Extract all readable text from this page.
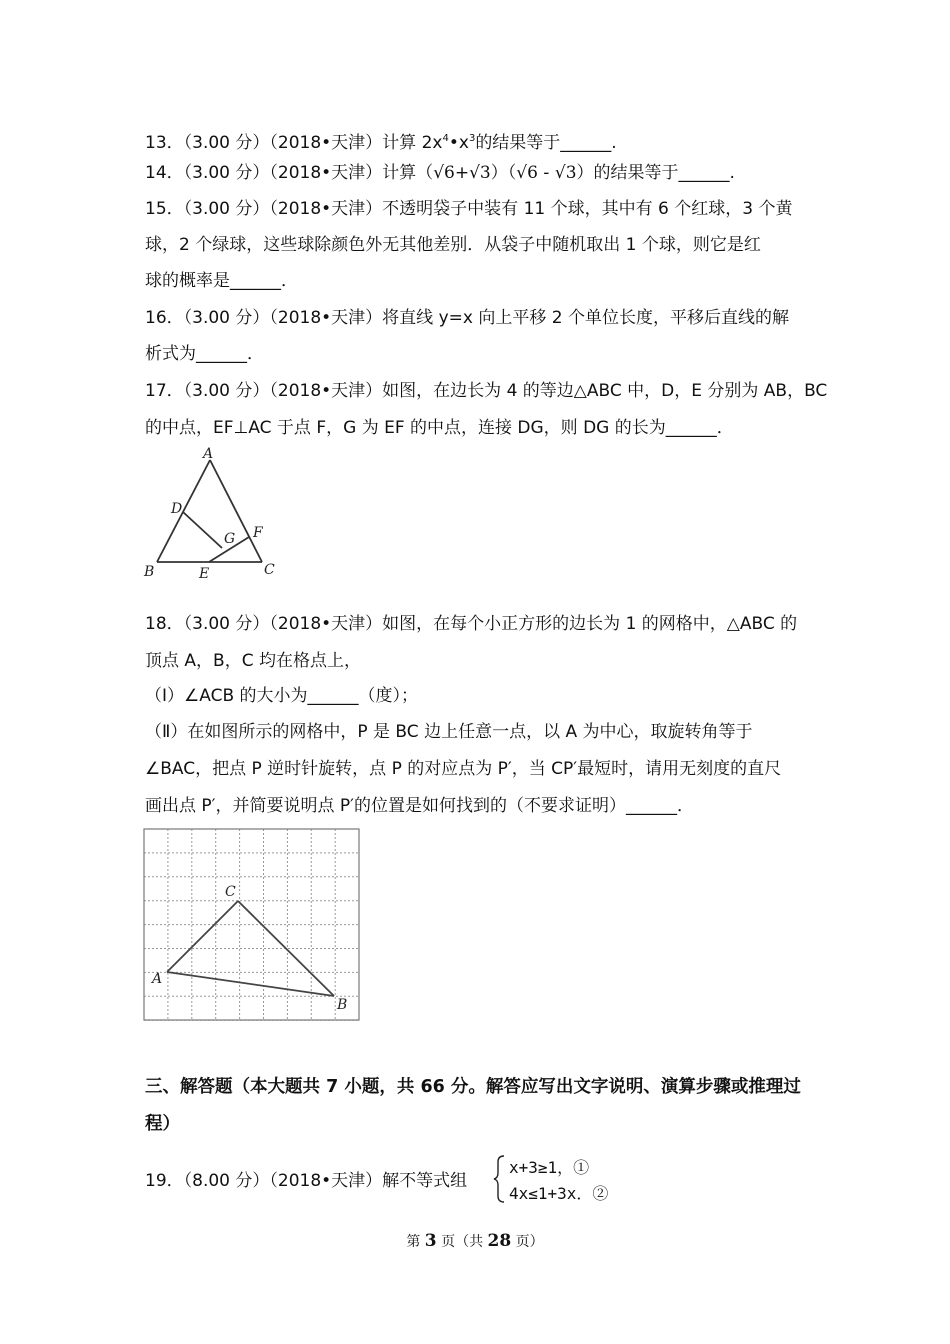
13．（3.00 分）（2018•天津）计算 $2x^4•x^3$的结果等于______.
14．（3.00 分）（2018•天津）计算（√6+√3）（√6 - √3）的结果等于______.
15．（3.00 分）（2018•天津）不透明袋子中装有 11 个球，其中有 6 个红球，3 个黄
球，2 个绿球，这些球除颜色外无其他差别．从袋子中随机取出 1 个球，则它是红
球的概率是______．
16．（3.00 分）（2018•天津）将直线 y=x 向上平移 2 个单位长度，平移后直线的解
析式为______．
17．（3.00 分）（2018•天津）如图，在边长为 4 的等边△ABC 中，D，E 分别为 AB，BC
的中点，EF⊥AC 于点 F，G 为 EF 的中点，连接 DG，则 DG 的长为______．
A
D
F
G
B	E	C
18．（3.00 分）（2018•天津）如图，在每个小正方形的边长为 1 的网格中，△ABC 的
顶点 A，B，C 均在格点上，
（Ⅰ）∠ACB 的大小为______（度）；
（Ⅱ）在如图所示的网格中，P 是 BC 边上任意一点，以 A 为中心，取旋转角等于
∠BAC，把点 P 逆时针旋转，点 P 的对应点为 P′，当 CP′最短时，请用无刻度的直尺
画出点 P′，并简要说明点 P′的位置是如何找到的（不要求证明）______．
C
A
B
三、解答题（本大题共 7 小题，共 66 分。解答应写出文字说明、演算步骤或推理过
程）
19．（8.00 分）（2018•天津）解不等式组
x+3≥1，①
4x≤1+3x．②
第 3 页（共 28 页）
